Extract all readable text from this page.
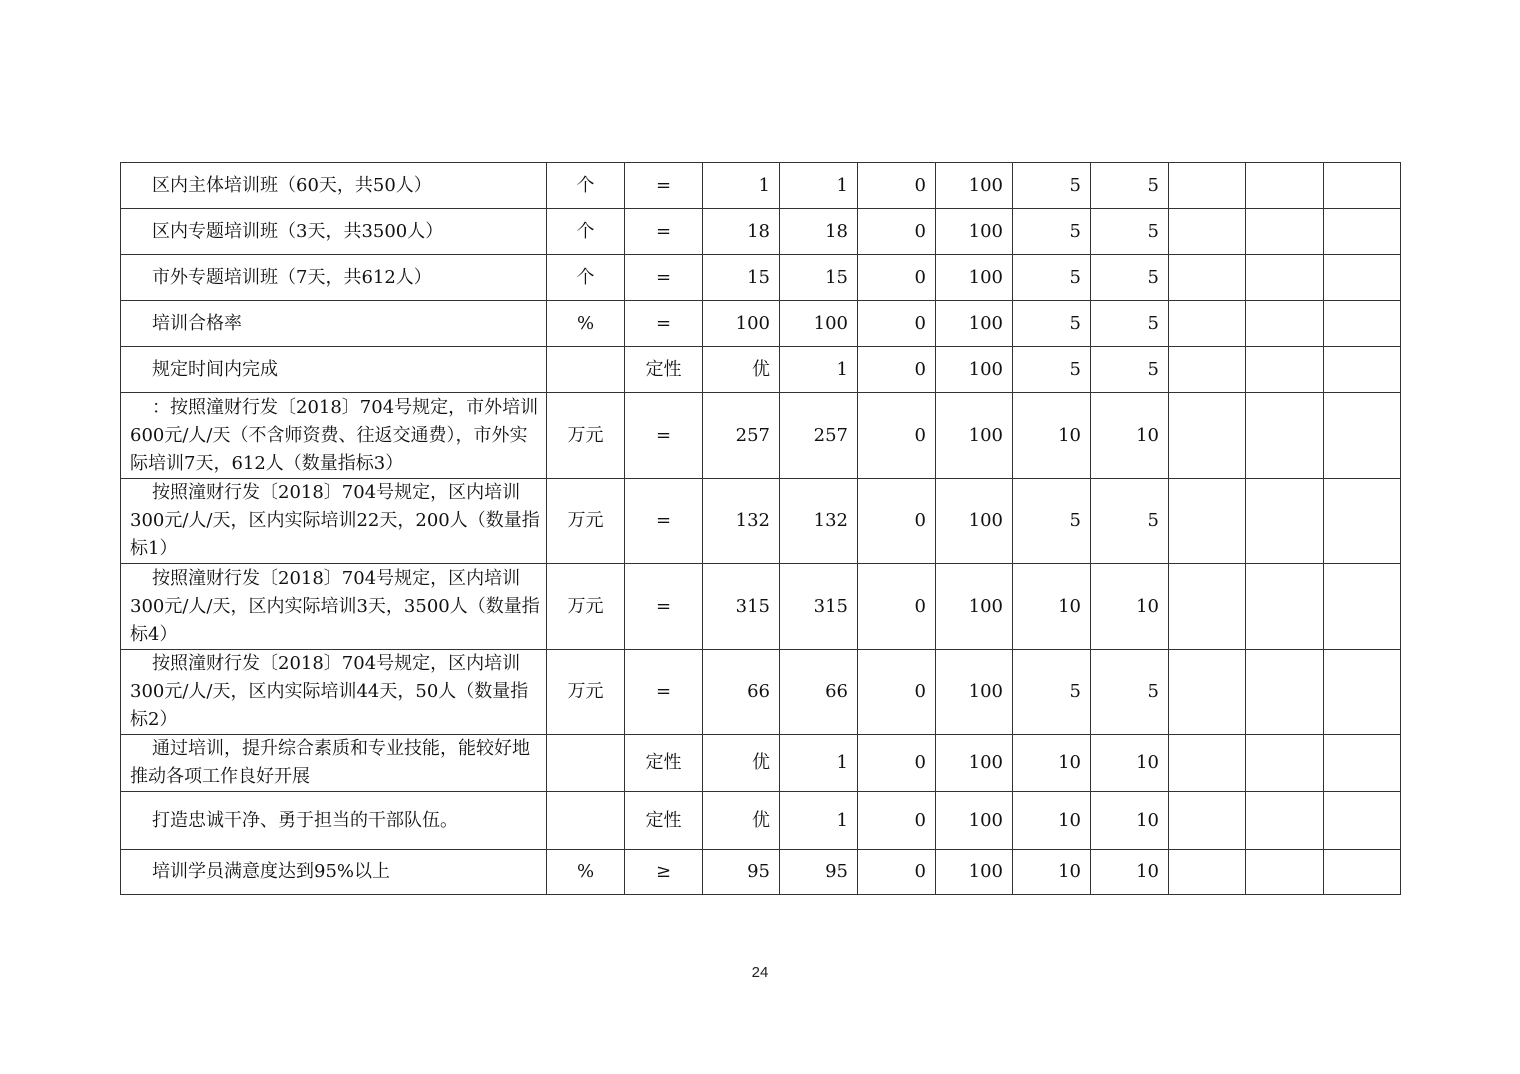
区内主体培训班（60天，共50人）	个	=	1	1	0	100	5	5			

区内专题培训班（3天，共3500人）	个	=	18	18	0	100	5	5			

市外专题培训班（7天，共612人）	个	=	15	15	0	100	5	5			

培训合格率	%	=	100	100	0	100	5	5			

规定时间内完成		定性	优	1	0	100	5	5			

：按照潼财行发〔2018〕704号规定，市外培训600元/人/天（不含师资费、往返交通费），市外实际培训7天，612人（数量指标3）	万元	=	257	257	0	100	10	10			

按照潼财行发〔2018〕704号规定，区内培训300元/人/天，区内实际培训22天，200人（数量指标1）	万元	=	132	132	0	100	5	5			

按照潼财行发〔2018〕704号规定，区内培训300元/人/天，区内实际培训3天，3500人（数量指标4）	万元	=	315	315	0	100	10	10			

按照潼财行发〔2018〕704号规定，区内培训300元/人/天，区内实际培训44天，50人（数量指标2）	万元	=	66	66	0	100	5	5			

通过培训，提升综合素质和专业技能，能较好地推动各项工作良好开展		定性	优	1	0	100	10	10			

打造忠诚干净、勇于担当的干部队伍。		定性	优	1	0	100	10	10			

培训学员满意度达到95%以上	%	≥	95	95	0	100	10	10			
24
